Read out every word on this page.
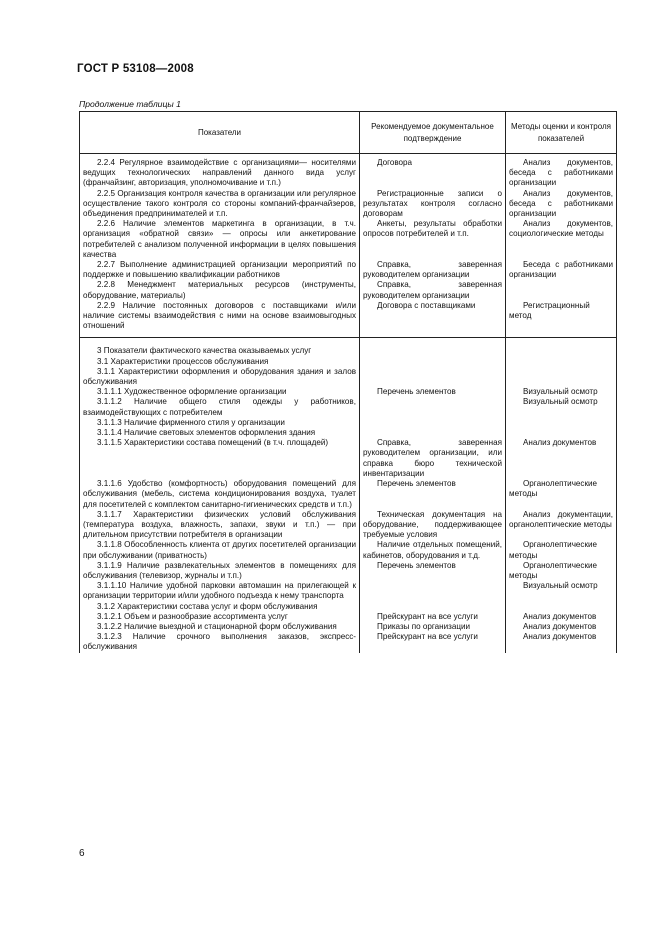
ГОСТ Р 53108—2008
Продолжение таблицы 1
Показатели	Рекомендуемое документальное подтверждение	Методы оценки и контроля показателей
2.2.4 Регулярное взаимодействие с организациями— носителями ведущих технологических направлений данного вида услуг (франчайзинг, авторизация, уполномочивание и т.п.)	Договора	Анализ документов, беседа с работниками организации
2.2.5 Организация контроля качества в организации или регулярное осуществление такого контроля со стороны компаний-франчайзеров, объединения предпринимателей и т.п.	Регистрационные записи о результатах контроля согласно договорам	Анализ документов, беседа с работниками организации
2.2.6 Наличие элементов маркетинга в организации, в т.ч. организация «обратной связи» — опросы или анкетирование потребителей с анализом полученной информации в целях повышения качества	Анкеты, результаты обработки опросов потребителей и т.п.	Анализ документов, социологические методы
2.2.7 Выполнение администрацией организации мероприятий по поддержке и повышению квалификации работников	Справка, заверенная руководителем организации	Беседа с работниками организации
2.2.8 Менеджмент материальных ресурсов (инструменты, оборудование, материалы)	Справка, заверенная руководителем организации	
2.2.9 Наличие постоянных договоров с поставщиками и/или наличие системы взаимодействия с ними на основе взаимовыгодных отношений	Договора с поставщиками	Регистрационный метод

3 Показатели фактического качества оказываемых услуг		
3.1 Характеристики процессов обслуживания		
3.1.1 Характеристики оформления и оборудования здания и залов обслуживания		
3.1.1.1 Художественное оформление организации	Перечень элементов	Визуальный осмотр
3.1.1.2 Наличие общего стиля одежды у работников, взаимодействующих с потребителем		Визуальный осмотр
3.1.1.3 Наличие фирменного стиля у организации		
3.1.1.4 Наличие световых элементов оформления здания		
3.1.1.5 Характеристики состава помещений (в т.ч. площадей)	Справка, заверенная руководителем организации, или справка бюро технической инвентаризации	Анализ документов
3.1.1.6 Удобство (комфортность) оборудования помещений для обслуживания (мебель, система кондиционирования воздуха, туалет для посетителей с комплектом санитарно-гигиенических средств и т.п.)	Перечень элементов	Органолептические методы
3.1.1.7 Характеристики физических условий обслуживания (температура воздуха, влажность, запахи, звуки и т.п.) — при длительном присутствии потребителя в организации	Техническая документация на оборудование, поддерживающее требуемые условия	Анализ документации, органолептические методы
3.1.1.8 Обособленность клиента от других посетителей организации при обслуживании (приватность)	Наличие отдельных помещений, кабинетов, оборудования и т.д.	Органолептические методы
3.1.1.9 Наличие развлекательных элементов в помещениях для обслуживания (телевизор, журналы и т.п.)	Перечень элементов	Органолептические методы
3.1.1.10 Наличие удобной парковки автомашин на прилегающей к организации территории и/или удобного подъезда к нему транспорта		Визуальный осмотр
3.1.2 Характеристики состава услуг и форм обслуживания		
3.1.2.1 Объем и разнообразие ассортимента услуг	Прейскурант на все услуги	Анализ документов
3.1.2.2 Наличие выездной и стационарной форм обслуживания	Приказы по организации	Анализ документов
3.1.2.3 Наличие срочного выполнения заказов, экспресс-обслуживания	Прейскурант на все услуги	Анализ документов
6
